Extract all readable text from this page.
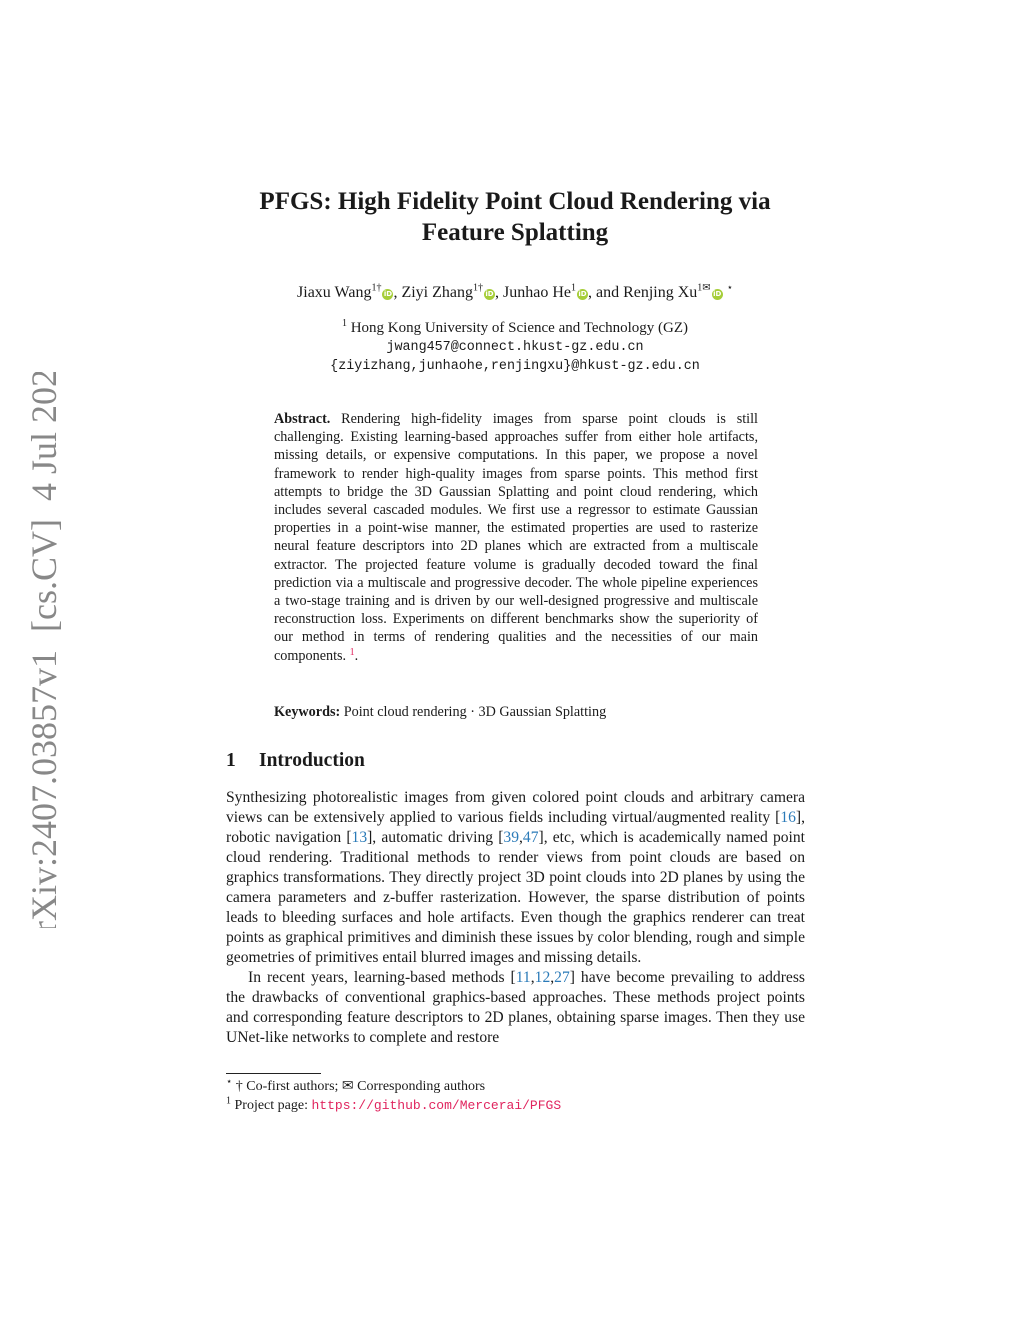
arXiv:2407.03857v1  [cs.CV]  4 Jul 2024
PFGS: High Fidelity Point Cloud Rendering via
Feature Splatting
Jiaxu Wang$^{1\dagger}$iD, Ziyi Zhang$^{1\dagger}$iD, Junhao He$^1$iD, and Renjing $Xu^{1✉}iD$ ⋆
$^1$ Hong Kong University of Science and Technology (GZ)
jwang457@connect.hkust-gz.edu.cn
{ziyizhang,junhaohe,renjingxu}@hkust-gz.edu.cn
Abstract. Rendering high-fidelity images from sparse point clouds is still challenging. Existing learning-based approaches suffer from either hole artifacts, missing details, or expensive computations. In this paper, we propose a novel framework to render high-quality images from sparse points. This method first attempts to bridge the 3D Gaussian Splatting and point cloud rendering, which includes several cascaded modules. We first use a regressor to estimate Gaussian properties in a point-wise manner, the estimated properties are used to rasterize neural feature descriptors into 2D planes which are extracted from a multiscale extractor. The projected feature volume is gradually decoded toward the final prediction via a multiscale and progressive decoder. The whole pipeline experiences a two-stage training and is driven by our well-designed progressive and multiscale reconstruction loss. Experiments on different benchmarks show the superiority of our method in terms of rendering qualities and the necessities of our main components. $^1$.
Keywords: Point cloud rendering · 3D Gaussian Splatting
1 Introduction

Synthesizing photorealistic images from given colored point clouds and arbitrary camera views can be extensively applied to various fields including virtual/augmented reality [16], robotic navigation [13], automatic driving [39,47], etc, which is academically named point cloud rendering. Traditional methods to render views from point clouds are based on graphics transformations. They directly project 3D point clouds into 2D planes by using the camera parameters and z-buffer rasterization. However, the sparse distribution of points leads to bleeding surfaces and hole artifacts. Even though the graphics renderer can treat points as graphical primitives and diminish these issues by color blending, rough and simple geometries of primitives entail blurred images and missing details.

In recent years, learning-based methods [11,12,27] have become prevailing to address the drawbacks of conventional graphics-based approaches. These methods project points and corresponding feature descriptors to 2D planes, obtaining sparse images. Then they use UNet-like networks to complete and restore

⋆ † Co-first authors; ✉ Corresponding authors
$^1$ Project page: https://github.com/Mercerai/PFGS
